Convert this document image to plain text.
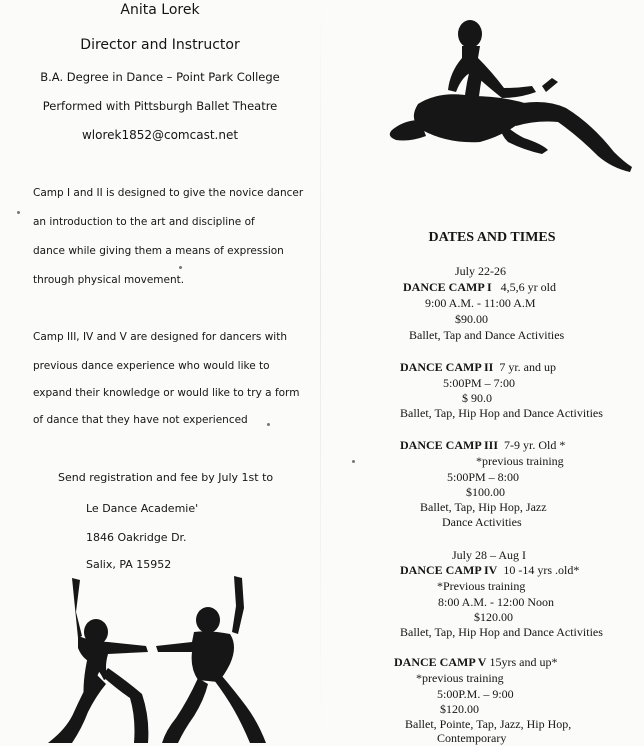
Anita Lorek
Director and Instructor
B.A. Degree in Dance – Point Park College
Performed with Pittsburgh Ballet Theatre
wlorek1852@comcast.net
Camp I and II is designed to give the novice dancer
an introduction to the art and discipline of
dance while giving them a means of expression
through physical movement.
Camp III, IV and V are designed for dancers with
previous dance experience who would like to
expand their knowledge or would like to try a form
of dance that they have not experienced
Send registration and fee by July 1st to
Le Dance Academie'
1846 Oakridge Dr.
Salix, PA 15952
DATES AND TIMES
July 22-26
DANCE CAMP I 4,5,6 yr old
9:00 A.M. - 11:00 A.M
$90.00
Ballet, Tap and Dance Activities
DANCE CAMP II 7 yr. and up
5:00PM – 7:00
$ 90.0
Ballet, Tap, Hip Hop and Dance Activities
DANCE CAMP III 7-9 yr. Old *
*previous training
5:00PM – 8:00
$100.00
Ballet, Tap, Hip Hop, Jazz
Dance Activities
July 28 – Aug I
DANCE CAMP IV 10 -14 yrs .old*
*Previous training
8:00 A.M. - 12:00 Noon
$120.00
Ballet, Tap, Hip Hop and Dance Activities
DANCE CAMP V 15yrs and up*
*previous training
5:00P.M. – 9:00
$120.00
Ballet, Pointe, Tap, Jazz, Hip Hop,
Contemporary
